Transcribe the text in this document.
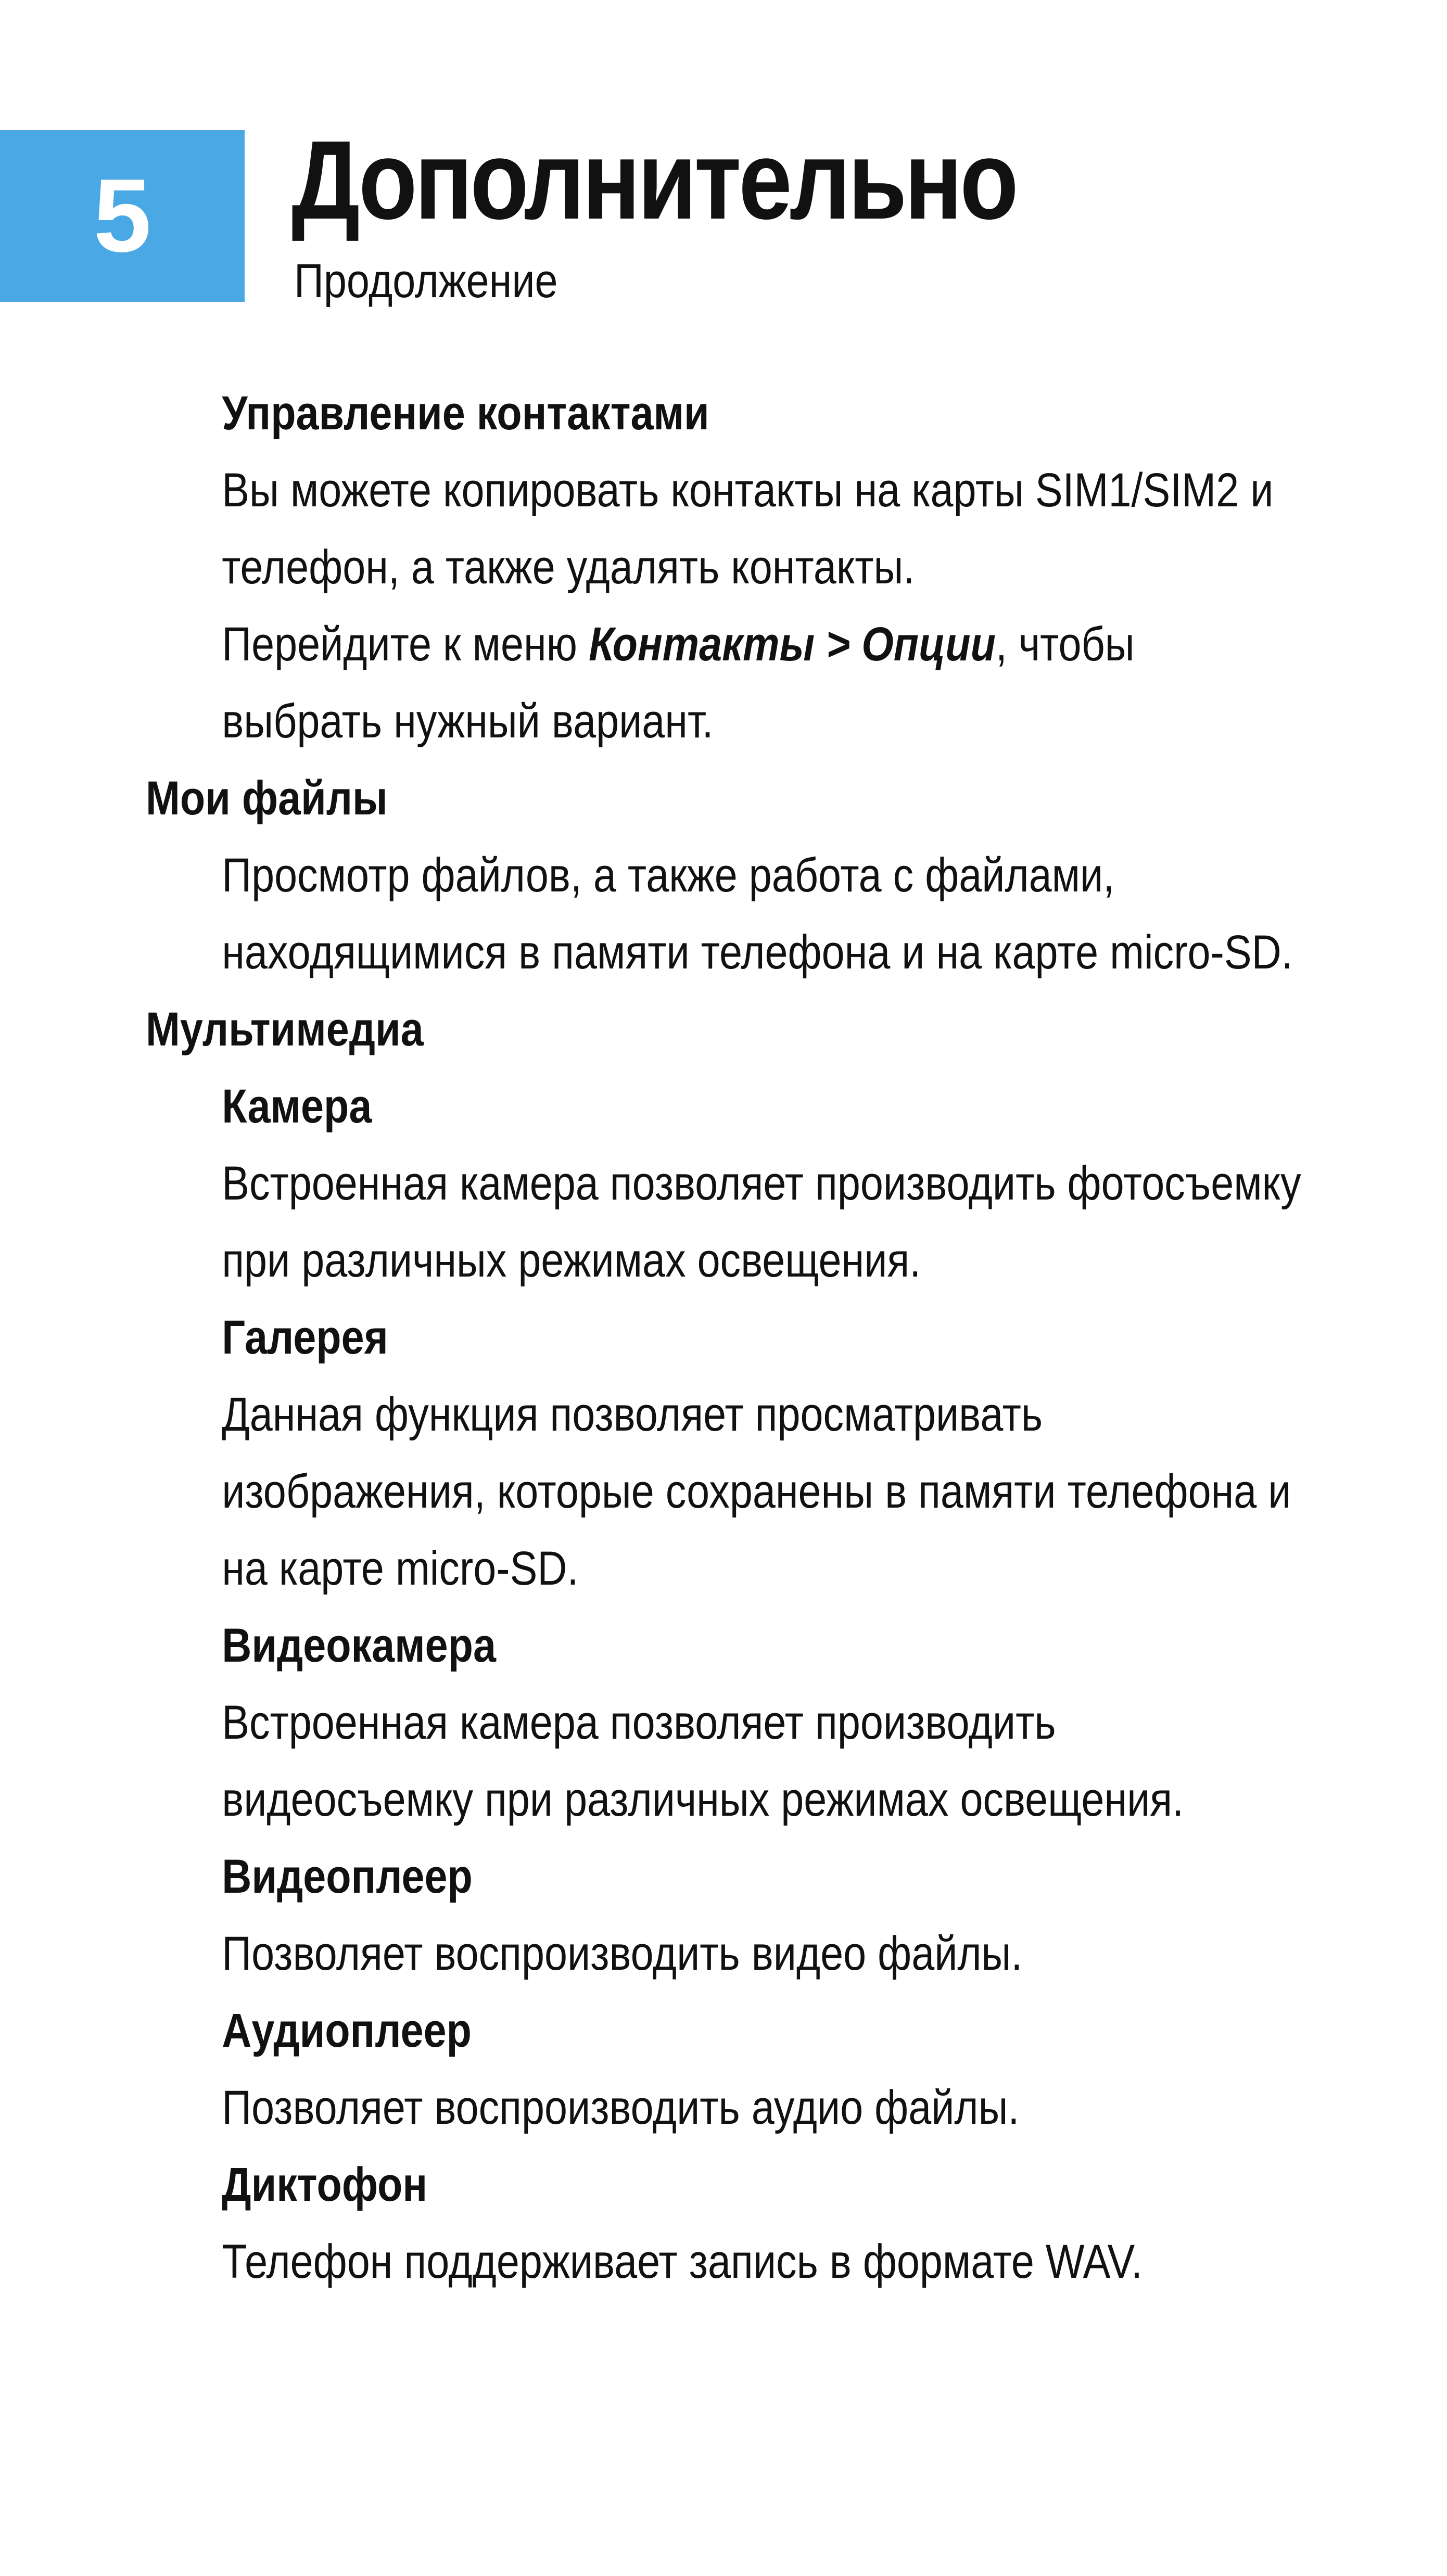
5 Дополнительно
Продолжение
Управление контактами
Вы можете копировать контакты на карты SIM1/SIM2 и
телефон, а также удалять контакты.
Перейдите к меню Контакты > Опции, чтобы
выбрать нужный вариант.
Мои файлы
Просмотр файлов, а также работа с файлами,
находящимися в памяти телефона и на карте micro-SD.
Мультимедиа
Камера
Встроенная камера позволяет производить фотосъемку
при различных режимах освещения.
Галерея
Данная функция позволяет просматривать
изображения, которые сохранены в памяти телефона и
на карте micro-SD.
Видеокамера
Встроенная камера позволяет производить
видеосъемку при различных режимах освещения.
Видеоплеер
Позволяет воспроизводить видео файлы.
Аудиоплеер
Позволяет воспроизводить аудио файлы.
Диктофон
Телефон поддерживает запись в формате WAV.
